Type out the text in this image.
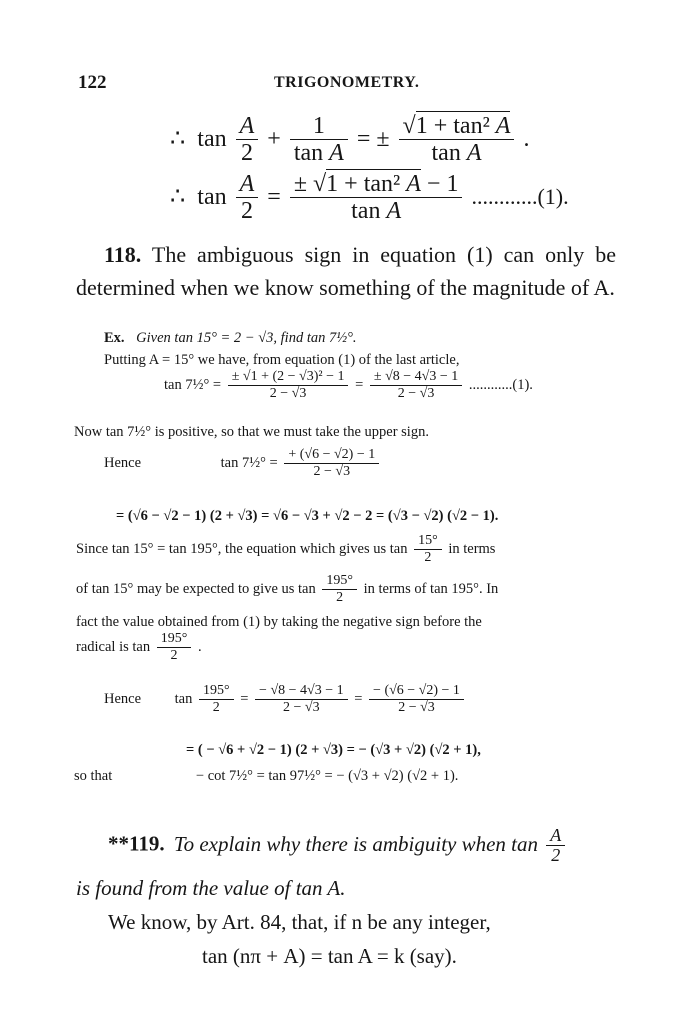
122	TRIGONOMETRY.
∴  $\tan \frac{A}{2} + \frac{1}{\text{tan A}}$ = ± $\frac{\text{√1 + tan² A}}{\text{tan A}}$ .
∴  $\tan \frac{A}{2} = \frac{\text{± √1 + tan² A − 1}}{\text{tan A}} ............(1)$.
118. The ambiguous sign in equation (1) can only be determined when we know something of the magnitude of A.
Ex. Given tan 15° = 2 − √3, find tan 7½°.
Putting A = 15° we have, from equation (1) of the last article,
tan 7½° = $\frac{\text{± √1 + (2 − √3)² − 1}}{2 - √3} = \frac{\pm √8 - 4√3 - 1}{2 - √3} ............(1)$.
Now tan 7½° is positive, so that we must take the upper sign.
Hence	tan 7½° = $\frac{+ (√6 - √2) - 1}{2 - √3}$
= (√6 − √2 − 1) (2 + √3) = √6 − √3 + √2 − 2 = (√3 − √2) (√2 − 1).
Since tan 15° = tan 195°, the equation which gives us $\tan \frac{15^\circ}{2}$ in terms
of tan 15° may be expected to give us $\tan \frac{195^\circ}{2}$ in terms of tan 195°. In
fact the value obtained from (1) by taking the negative sign before the
radical is $\tan \frac{195^\circ}{2}$ .
Hence $\tan \frac{195^\circ}{2} = \frac{- √8 - 4√3 - 1}{2 - √3} = \frac{- (√6 - √2) - 1}{2 - √3}$
= ( − √6 + √2 − 1) (2 + √3) = − (√3 + √2) (√2 + 1),
so that	− cot 7½° = tan 97½° = − (√3 + √2) (√2 + 1).
**119. To explain why there is ambiguity when $\tan \frac{A}{2}$
is found from the value of tan A.
We know, by Art. 84, that, if n be any integer,
tan (nπ + A) = tan A = k (say).
